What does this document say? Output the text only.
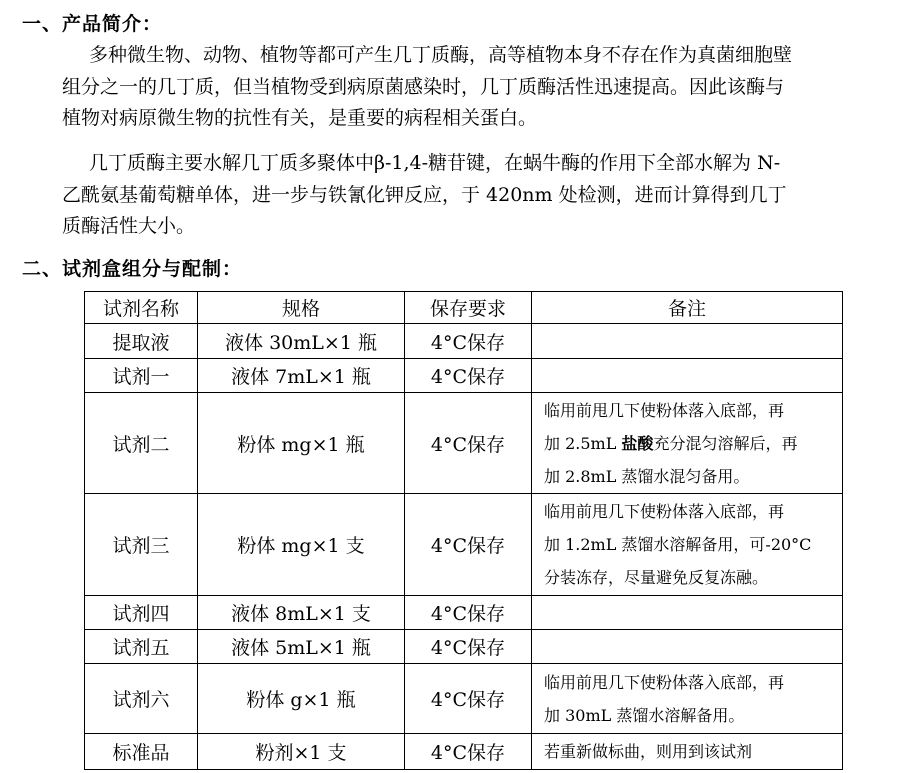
一、产品简介：
多种微生物、动物、植物等都可产生几丁质酶，高等植物本身不存在作为真菌细胞壁
组分之一的几丁质，但当植物受到病原菌感染时，几丁质酶活性迅速提高。因此该酶与
植物对病原微生物的抗性有关，是重要的病程相关蛋白。
几丁质酶主要水解几丁质多聚体中β-1,4-糖苷键，在蜗牛酶的作用下全部水解为 N-
乙酰氨基葡萄糖单体，进一步与铁氰化钾反应，于 420nm 处检测，进而计算得到几丁
质酶活性大小。
二、试剂盒组分与配制：
试剂名称	规格	保存要求	备注
提取液	液体 30mL×1 瓶	4°C保存	
试剂一	液体 7mL×1 瓶	4°C保存	
试剂二	粉体 mg×1 瓶	4°C保存	临用前甩几下使粉体落入底部，再
加 2.5mL 盐酸充分混匀溶解后，再
加 2.8mL 蒸馏水混匀备用。

试剂三	粉体 mg×1 支	4°C保存	临用前甩几下使粉体落入底部，再
加 1.2mL 蒸馏水溶解备用，可-20°C
分装冻存，尽量避免反复冻融。

试剂四	液体 8mL×1 支	4°C保存	
试剂五	液体 5mL×1 瓶	4°C保存	
试剂六	粉体 g×1 瓶	4°C保存	临用前甩几下使粉体落入底部，再
加 30mL 蒸馏水溶解备用。

标准品	粉剂×1 支	4°C保存	若重新做标曲，则用到该试剂
